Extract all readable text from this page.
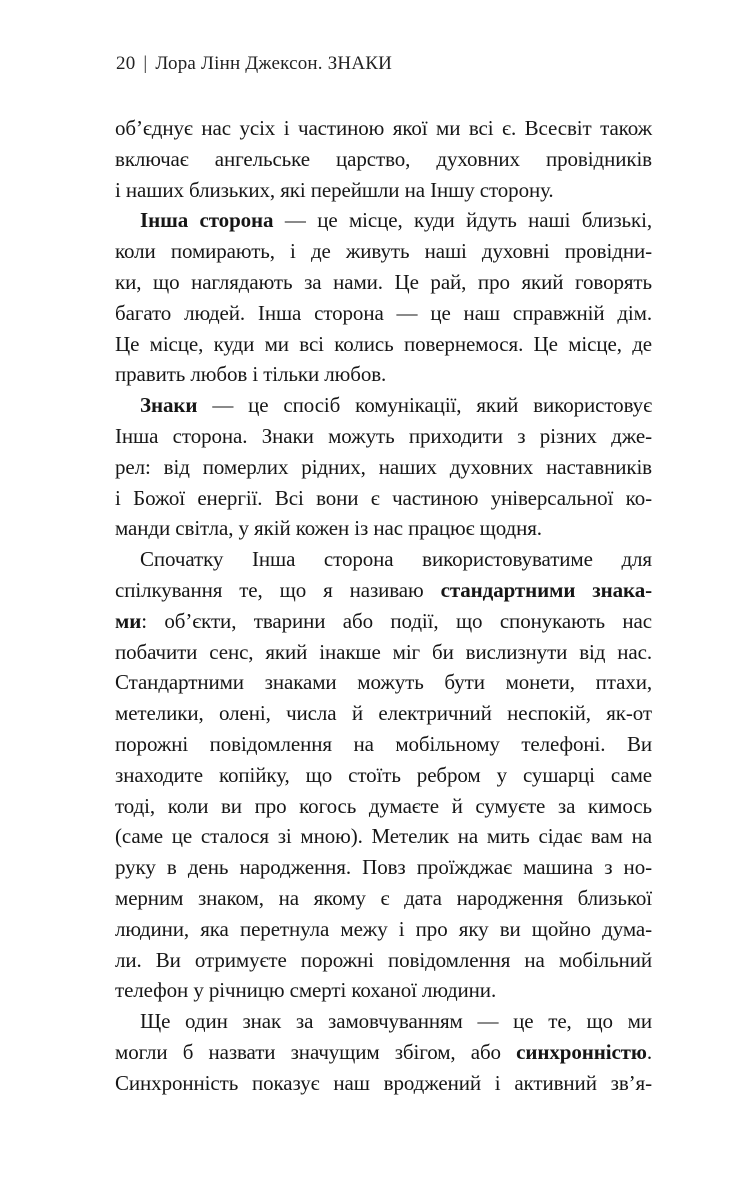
20 | Лора Лінн Джексон. ЗНАКИ
об’єднує нас усіх і частиною якої ми всі є. Всесвіт також
включає ангельське царство, духовних провідників
і наших близьких, які перейшли на Іншу сторону.
Інша сторона — це місце, куди йдуть наші близькі,
коли помирають, і де живуть наші духовні провідни-
ки, що наглядають за нами. Це рай, про який говорять
багато людей. Інша сторона — це наш справжній дім.
Це місце, куди ми всі колись повернемося. Це місце, де
править любов і тільки любов.
Знаки — це спосіб комунікації, який використовує
Інша сторона. Знаки можуть приходити з різних дже-
рел: від померлих рідних, наших духовних наставників
і Божої енергії. Всі вони є частиною універсальної ко-
манди світла, у якій кожен із нас працює щодня.
Спочатку Інша сторона використовуватиме для
спілкування те, що я називаю стандартними знака-
ми: об’єкти, тварини або події, що спонукають нас
побачити сенс, який інакше міг би вислизнути від нас.
Стандартними знаками можуть бути монети, птахи,
метелики, олені, числа й електричний неспокій, як-от
порожні повідомлення на мобільному телефоні. Ви
знаходите копійку, що стоїть ребром у сушарці саме
тоді, коли ви про когось думаєте й сумуєте за кимось
(саме це сталося зі мною). Метелик на мить сідає вам на
руку в день народження. Повз проїжджає машина з но-
мерним знаком, на якому є дата народження близької
людини, яка перетнула межу і про яку ви щойно дума-
ли. Ви отримуєте порожні повідомлення на мобільний
телефон у річницю смерті коханої людини.
Ще один знак за замовчуванням — це те, що ми
могли б назвати значущим збігом, або синхронністю.
Синхронність показує наш вроджений і активний зв’я-
